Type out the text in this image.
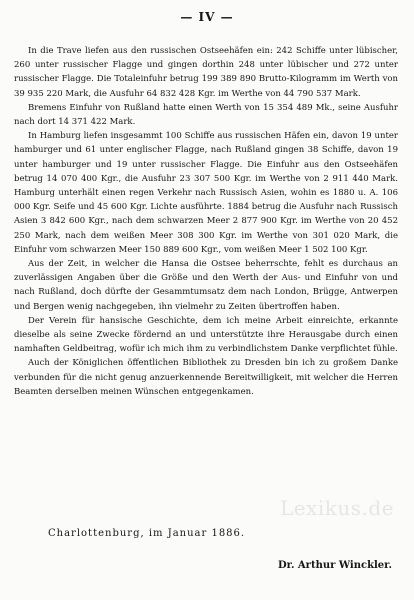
— IV —

In die Trave liefen aus den russischen Ostseehäfen ein: 242 Schiffe unter lübischer, 260 unter russischer Flagge und gingen dorthin 248 unter lübischer und 272 unter russischer Flagge. Die Totaleinfuhr betrug 199 389 890 Brutto-Kilogramm im Werth von 39 935 220 Mark, die Ausfuhr 64 832 428 Kgr. im Werthe von 44 790 537 Mark.

Bremens Einfuhr von Rußland hatte einen Werth von 15 354 489 Mk., seine Ausfuhr nach dort 14 371 422 Mark.

In Hamburg liefen insgesammt 100 Schiffe aus russischen Häfen ein, davon 19 unter hamburger und 61 unter englischer Flagge, nach Rußland gingen 38 Schiffe, davon 19 unter hamburger und 19 unter russischer Flagge. Die Einfuhr aus den Ostseehäfen betrug 14 070 400 Kgr., die Ausfuhr 23 307 500 Kgr. im Werthe von 2 911 440 Mark. Hamburg unterhält einen regen Verkehr nach Russisch Asien, wohin es 1880 u. A. 106 000 Kgr. Seife und 45 600 Kgr. Lichte ausführte. 1884 betrug die Ausfuhr nach Russisch Asien 3 842 600 Kgr., nach dem schwarzen Meer 2 877 900 Kgr. im Werthe von 20 452 250 Mark, nach dem weißen Meer 308 300 Kgr. im Werthe von 301 020 Mark, die Einfuhr vom schwarzen Meer 150 889 600 Kgr., vom weißen Meer 1 502 100 Kgr.

Aus der Zeit, in welcher die Hansa die Ostsee beherrschte, fehlt es durchaus an zuverlässigen Angaben über die Größe und den Werth der Aus- und Einfuhr von und nach Rußland, doch dürfte der Gesammtumsatz dem nach London, Brügge, Antwerpen und Bergen wenig nachgegeben, ihn vielmehr zu Zeiten übertroffen haben.

Der Verein für hansische Geschichte, dem ich meine Arbeit einreichte, erkannte dieselbe als seine Zwecke fördernd an und unterstützte ihre Herausgabe durch einen namhaften Geldbeitrag, wofür ich mich ihm zu verbindlichstem Danke verpflichtet fühle.

Auch der Königlichen öffentlichen Bibliothek zu Dresden bin ich zu großem Danke verbunden für die nicht genug anzuerkennende Bereitwilligkeit, mit welcher die Herren Beamten derselben meinen Wünschen entgegenkamen.

Lexikus.de
Charlottenburg, im Januar 1886.
Dr. Arthur Winckler.
